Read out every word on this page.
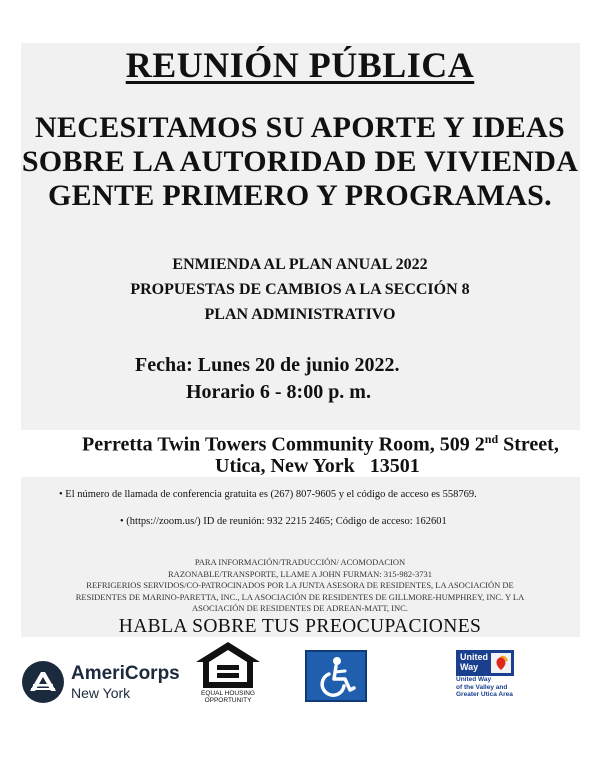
REUNIÓN PÚBLICA
NECESITAMOS SU APORTE Y IDEAS
SOBRE LA AUTORIDAD DE VIVIENDA
GENTE PRIMERO Y PROGRAMAS.
ENMIENDA AL PLAN ANUAL 2022
PROPUESTAS DE CAMBIOS A LA SECCIÓN 8
PLAN ADMINISTRATIVO
Fecha: Lunes 20 de junio 2022.
Horario 6 - 8:00 p. m.
Perretta Twin Towers Community Room, 509 2nd Street,
Utica, New York   13501
• El número de llamada de conferencia gratuita es (267) 807-9605 y el código de acceso es 558769.
• (https://zoom.us/) ID de reunión: 932 2215 2465; Código de acceso: 162601
PARA INFORMACIÓN/TRADUCCIÓN/ ACOMODACION
RAZONABLE/TRANSPORTE, LLAME A JOHN FURMAN: 315-982-3731
REFRIGERIOS SERVIDOS/CO-PATROCINADOS POR LA JUNTA ASESORA DE RESIDENTES, LA ASOCIACIÓN DE
RESIDENTES DE MARINO-PARETTA, INC., LA ASOCIACIÓN DE RESIDENTES DE GILLMORE-HUMPHREY, INC. Y LA
ASOCIACIÓN DE RESIDENTES DE ADREAN-MATT, INC.
HABLA SOBRE TUS PREOCUPACIONES
AmeriCorps
New York	EQUAL HOUSING
OPPORTUNITY
United
Way
United Way
of the Valley and
Greater Utica Area
